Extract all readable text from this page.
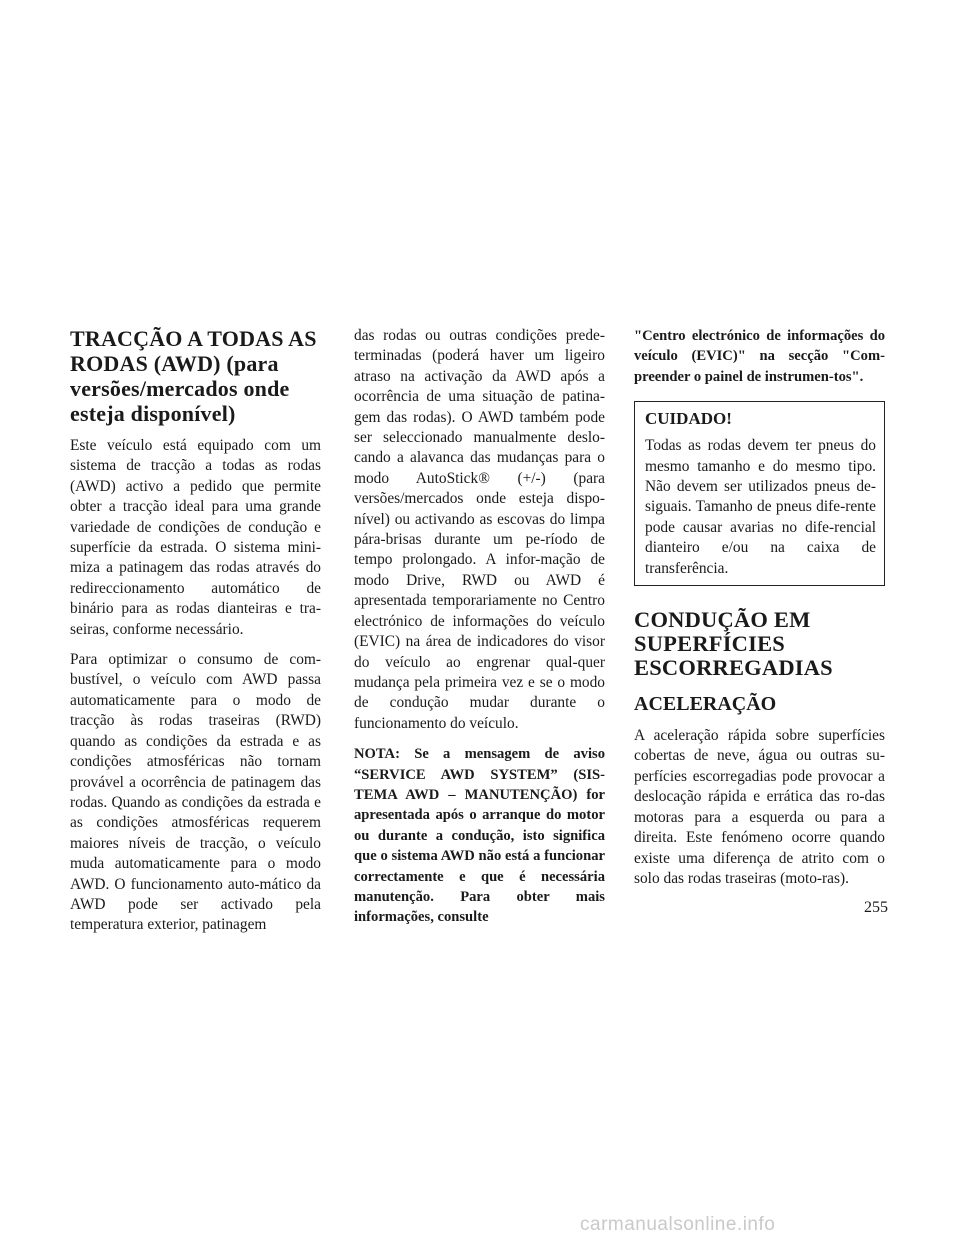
TRACÇÃO A TODAS AS RODAS (AWD) (para versões/mercados onde esteja disponível)

Este veículo está equipado com um sistema de tracção a todas as rodas (AWD) activo a pedido que permite obter a tracção ideal para uma grande variedade de condições de condução e superfície da estrada. O sistema mini-miza a patinagem das rodas através do redireccionamento automático de binário para as rodas dianteiras e tra-seiras, conforme necessário.

Para optimizar o consumo de com-bustível, o veículo com AWD passa automaticamente para o modo de tracção às rodas traseiras (RWD) quando as condições da estrada e as condições atmosféricas não tornam provável a ocorrência de patinagem das rodas. Quando as condições da estrada e as condições atmosféricas requerem maiores níveis de tracção, o veículo muda automaticamente para o modo AWD. O funcionamento auto-mático da AWD pode ser activado pela temperatura exterior, patinagem

das rodas ou outras condições prede-terminadas (poderá haver um ligeiro atraso na activação da AWD após a ocorrência de uma situação de patina-gem das rodas). O AWD também pode ser seleccionado manualmente deslo-cando a alavanca das mudanças para o modo AutoStick® (+/-) (para versões/mercados onde esteja dispo-nível) ou activando as escovas do limpa pára-brisas durante um pe-ríodo de tempo prolongado. A infor-mação de modo Drive, RWD ou AWD é apresentada temporariamente no Centro electrónico de informações do veículo (EVIC) na área de indicadores do visor do veículo ao engrenar qual-quer mudança pela primeira vez e se o modo de condução mudar durante o funcionamento do veículo.

NOTA: Se a mensagem de aviso “SERVICE AWD SYSTEM” (SIS-TEMA AWD – MANUTENÇÃO) for apresentada após o arranque do motor ou durante a condução, isto significa que o sistema AWD não está a funcionar correctamente e que é necessária manutenção. Para obter mais informações, consulte

"Centro electrónico de informações do veículo (EVIC)" na secção "Com-preender o painel de instrumen-tos".

CUIDADO!

Todas as rodas devem ter pneus do mesmo tamanho e do mesmo tipo. Não devem ser utilizados pneus de-siguais. Tamanho de pneus dife-rente pode causar avarias no dife-rencial dianteiro e/ou na caixa de transferência.

CONDUÇÃO EM SUPERFÍCIES ESCORREGADIAS
ACELERAÇÃO

A aceleração rápida sobre superfícies cobertas de neve, água ou outras su-perfícies escorregadias pode provocar a deslocação rápida e errática das ro-das motoras para a esquerda ou para a direita. Este fenómeno ocorre quando existe uma diferença de atrito com o solo das rodas traseiras (moto-ras).

255
carmanualsonline.info
